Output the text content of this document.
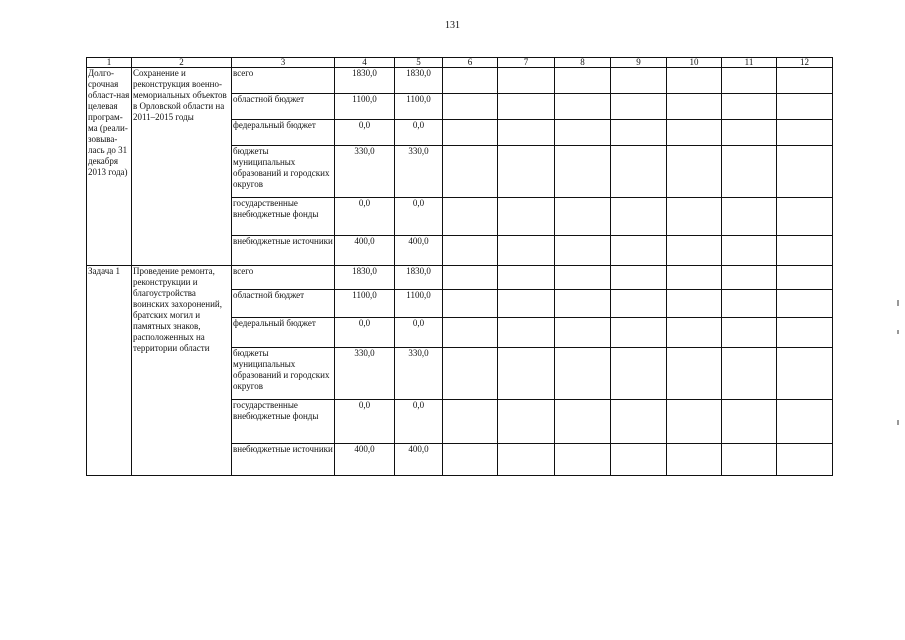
131
1	2	3	4	5	6	7	8	9	10	11	12
Долго-срочная област-ная целевая програм-ма (реали-зовыва-лась до 31 декабря 2013 года)	Сохранение и реконструкция военно-мемориальных объектов в Орловской области на 2011–2015 годы	всего	1830,0	1830,0							
		областной бюджет	1100,0	1100,0							
		федеральный бюджет	0,0	0,0							
		бюджеты муниципальных образований и городских округов	330,0	330,0							
		государственные внебюджетные фонды	0,0	0,0							
		внебюджетные источники	400,0	400,0							
Задача 1	Проведение ремонта, реконструкции и благоустройства воинских захоронений, братских могил и памятных знаков, расположенных на территории области	всего	1830,0	1830,0							
		областной бюджет	1100,0	1100,0							
		федеральный бюджет	0,0	0,0							
		бюджеты муниципальных образований и городских округов	330,0	330,0							
		государственные внебюджетные фонды	0,0	0,0							
		внебюджетные источники	400,0	400,0							
